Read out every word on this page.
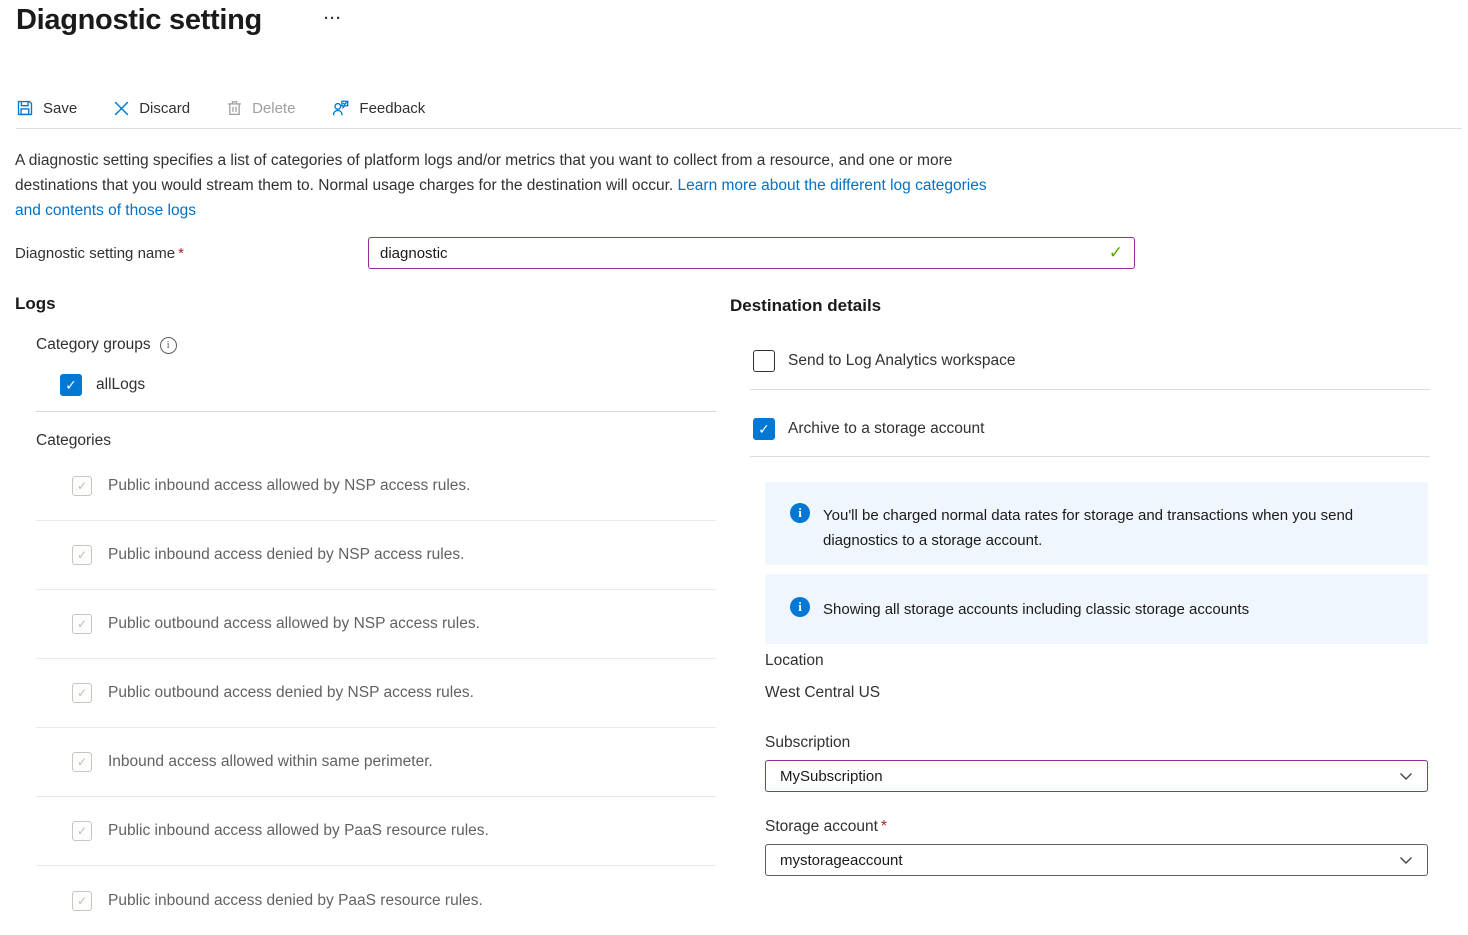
Diagnostic setting	···
Save	Discard	Delete	Feedback

A diagnostic setting specifies a list of categories of platform logs and/or metrics that you want to collect from a resource, and one or more destinations that you would stream them to. Normal usage charges for the destination will occur. Learn more about the different log categories and contents of those logs

Diagnostic setting name *
diagnostic	✓
Logs
Category groups	i
✓	allLogs
Categories
✓	Public inbound access allowed by NSP access rules.
✓	Public inbound access denied by NSP access rules.
✓	Public outbound access allowed by NSP access rules.
✓	Public outbound access denied by NSP access rules.
✓	Inbound access allowed within same perimeter.
✓	Public inbound access allowed by PaaS resource rules.
✓	Public inbound access denied by PaaS resource rules.
Destination details
Send to Log Analytics workspace
✓	Archive to a storage account
i	You'll be charged normal data rates for storage and transactions when you send diagnostics to a storage account.
i	Showing all storage accounts including classic storage accounts
Location
West Central US
Subscription
MySubscription
Storage account *
mystorageaccount
